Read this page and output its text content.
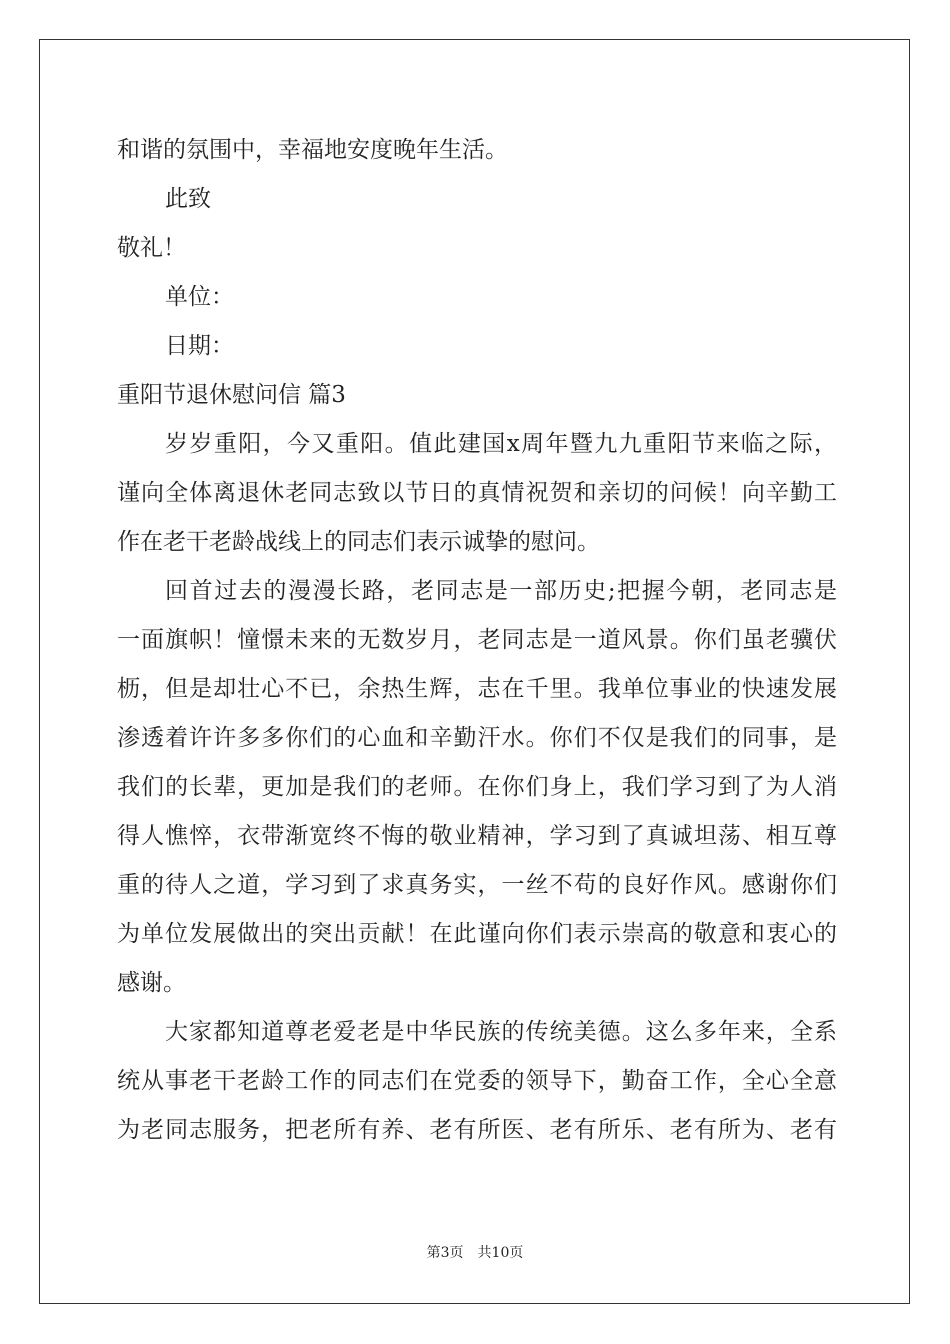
和谐的氛围中，幸福地安度晚年生活。
此致
敬礼！
单位：
日期：
重阳节退休慰问信 篇3
岁岁重阳，今又重阳。值此建国x周年暨九九重阳节来临之际，
谨向全体离退休老同志致以节日的真情祝贺和亲切的问候！向辛勤工
作在老干老龄战线上的同志们表示诚挚的慰问。
回首过去的漫漫长路，老同志是一部历史;把握今朝，老同志是
一面旗帜！憧憬未来的无数岁月，老同志是一道风景。你们虽老骥伏
枥，但是却壮心不已，余热生辉，志在千里。我单位事业的快速发展
渗透着许许多多你们的心血和辛勤汗水。你们不仅是我们的同事，是
我们的长辈，更加是我们的老师。在你们身上，我们学习到了为人消
得人憔悴，衣带渐宽终不悔的敬业精神，学习到了真诚坦荡、相互尊
重的待人之道，学习到了求真务实，一丝不苟的良好作风。感谢你们
为单位发展做出的突出贡献！在此谨向你们表示崇高的敬意和衷心的
感谢。
大家都知道尊老爱老是中华民族的传统美德。这么多年来，全系
统从事老干老龄工作的同志们在党委的领导下，勤奋工作，全心全意
为老同志服务，把老所有养、老有所医、老有所乐、老有所为、老有
第3页　共10页
